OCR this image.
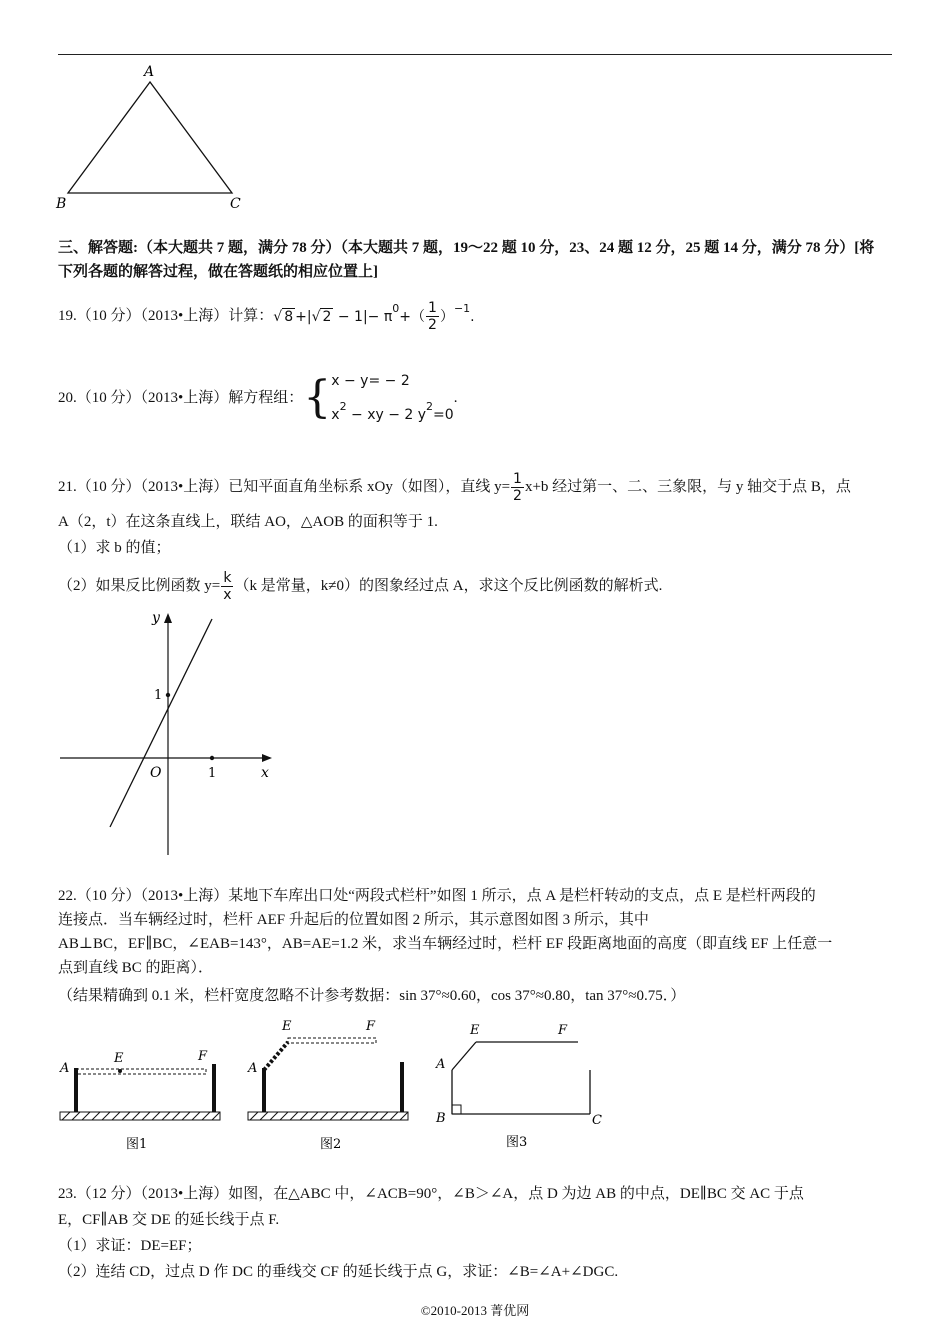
A
B	C
三、解答题:（本大题共 7 题，满分 78 分）（本大题共 7 题，19～22 题 10 分，23、24 题 12 分，25 题 14 分，满分 78 分）[将
下列各题的解答过程，做在答题纸的相应位置上]
19.（10 分）（2013•上海）计算： √ 8 +|√ $2 - 1|- \pi^0+( \frac{1}{2} )^{-1}$.
20.（10 分）（2013•上海）解方程组： { x − y= − 2
$x^2$ − xy − 2 $y^2=0$
.
21.（10 分）（2013•上海）已知平面直角坐标系 xOy（如图），直线 $y= \frac{1}{2} x+b$ 经过第一、二、三象限，与 y 轴交于点 B，点
A（2，t）在这条直线上，联结 AO，△AOB 的面积等于 1.
（1）求 b 的值；
（2）如果反比例函数 $y= \frac{k}{x} (k$ 是常量，k≠0）的图象经过点 A，求这个反比例函数的解析式.
y
x
O
1
1
22.（10 分）（2013•上海）某地下车库出口处“两段式栏杆”如图 1 所示，点 A 是栏杆转动的支点，点 E 是栏杆两段的
连接点．当车辆经过时，栏杆 AEF 升起后的位置如图 2 所示，其示意图如图 3 所示，其中
AB⊥BC，EF∥BC，∠EAB=143°，AB=AE=1.2 米，求当车辆经过时，栏杆 EF 段距离地面的高度（即直线 EF 上任意一
点到直线 BC 的距离）．
（结果精确到 0.1 米，栏杆宽度忽略不计参考数据：sin 37°≈0.60，cos 37°≈0.80，tan 37°≈0.75．）
A
E	F
图1
A
E	F
图2
A
E	F
B	C
图3
23.（12 分）（2013•上海）如图，在△ABC 中，∠ACB=90°，∠B＞∠A，点 D 为边 AB 的中点，DE∥BC 交 AC 于点
E，CF∥AB 交 DE 的延长线于点 F.
（1）求证：DE=EF；
（2）连结 CD，过点 D 作 DC 的垂线交 CF 的延长线于点 G，求证：∠B=∠A+∠DGC.
©2010-2013 菁优网
